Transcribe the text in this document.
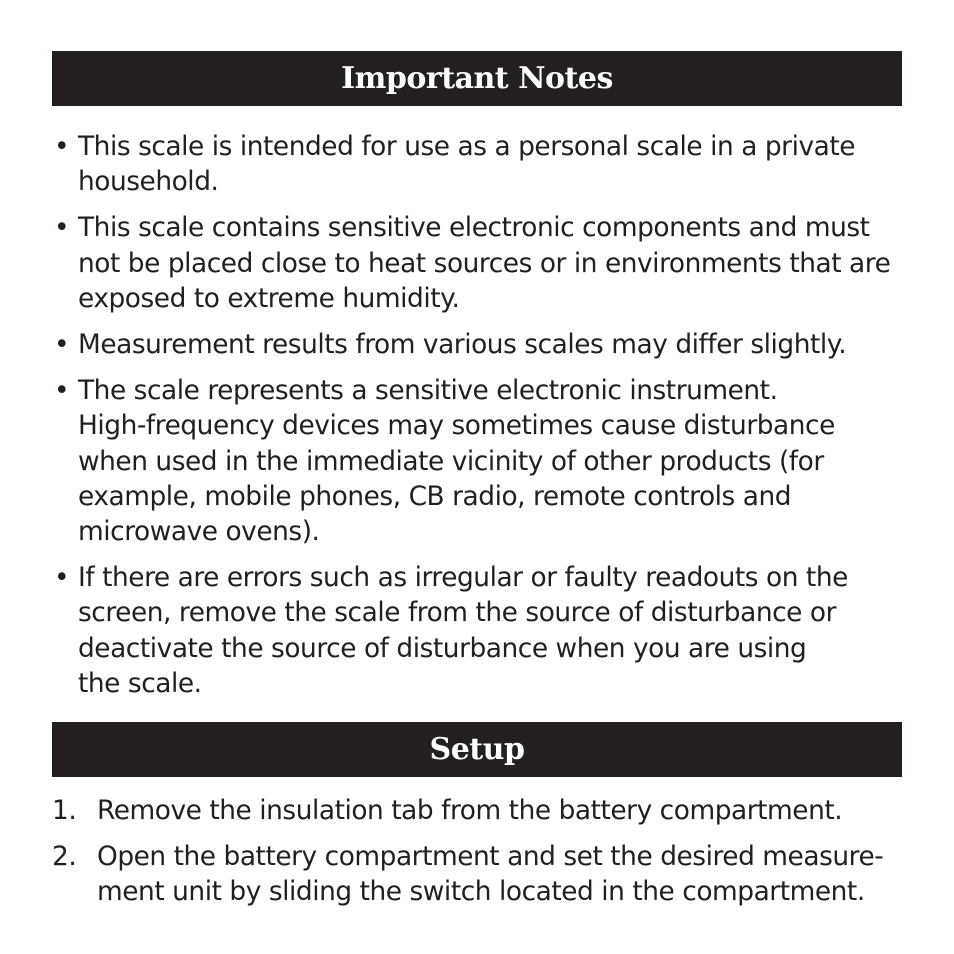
Important Notes
• This scale is intended for use as a personal scale in a private
household.
• This scale contains sensitive electronic components and must
not be placed close to heat sources or in environments that are
exposed to extreme humidity.
• Measurement results from various scales may differ slightly.
• The scale represents a sensitive electronic instrument.
High-frequency devices may sometimes cause disturbance
when used in the immediate vicinity of other products (for
example, mobile phones, CB radio, remote controls and
microwave ovens).
• If there are errors such as irregular or faulty readouts on the
screen, remove the scale from the source of disturbance or
deactivate the source of disturbance when you are using
the scale.
Setup
1. Remove the insulation tab from the battery compartment.
2. Open the battery compartment and set the desired measure-
ment unit by sliding the switch located in the compartment.
